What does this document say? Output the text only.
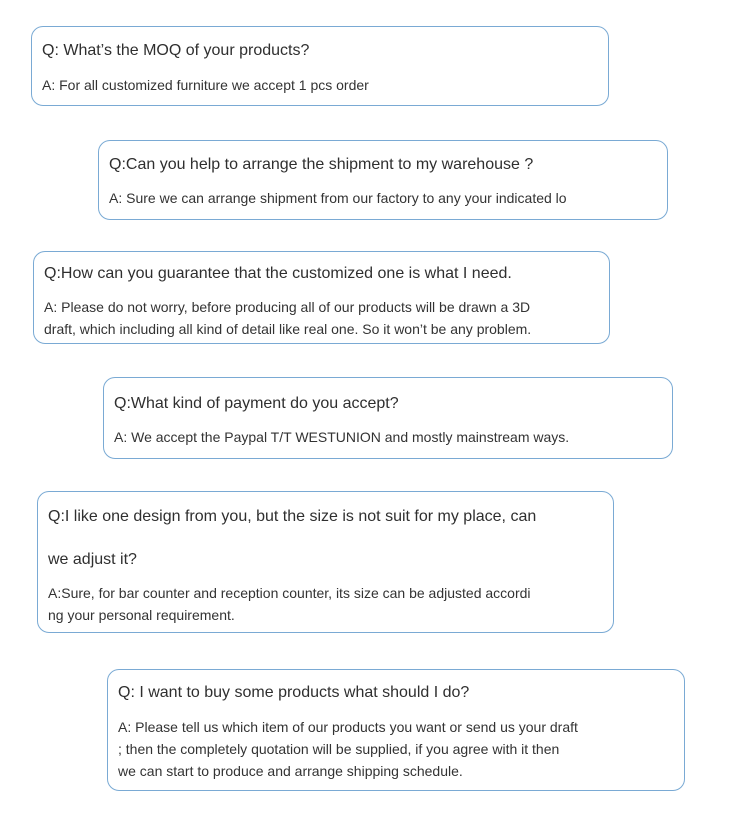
Q: What’s the MOQ of your products?

A: For all customized furniture we accept 1 pcs order

Q:Can you help to arrange the shipment to my warehouse ?

A: Sure we can arrange shipment from our factory to any your indicated lo

Q:How can you guarantee that the customized one is what I need.

A: Please do not worry, before producing all of our products will be drawn a 3D
draft, which including all kind of detail like real one. So it won’t be any problem.

Q:What kind of payment do you accept?

A: We accept the Paypal T/T WESTUNION and mostly mainstream ways.

Q:I like one design from you, but the size is not suit for my place, can

we adjust it?

A:Sure, for bar counter and reception counter, its size can be adjusted accordi
ng your personal requirement.

Q: I want to buy some products what should I do?

A: Please tell us which item of our products you want or send us your draft
; then the completely quotation will be supplied, if you agree with it then
we can start to produce and arrange shipping schedule.
